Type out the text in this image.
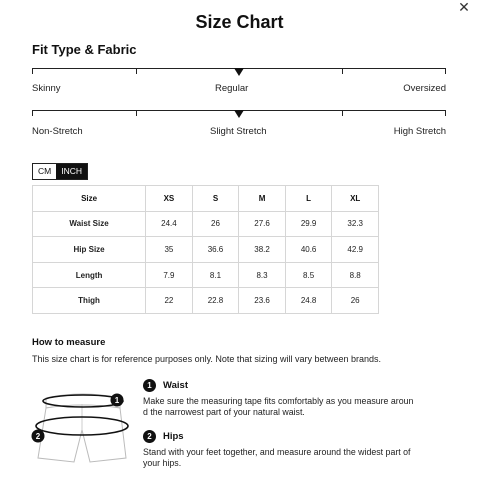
✕
Size Chart
Fit Type & Fabric
Skinny	Regular	Oversized
Non-Stretch	Slight Stretch	High Stretch
CM	INCH
Size	XS	S	M	L	XL
Waist Size	24.4	26	27.6	29.9	32.3
Hip Size	35	36.6	38.2	40.6	42.9
Length	7.9	8.1	8.3	8.5	8.8
Thigh	22	22.8	23.6	24.8	26
How to measure
This size chart is for reference purposes only. Note that sizing will vary between brands.
1
2
1	Waist
Make sure the measuring tape fits comfortably as you measure aroun d the narrowest part of your natural waist.
2	Hips
Stand with your feet together, and measure around the widest part of your hips.
